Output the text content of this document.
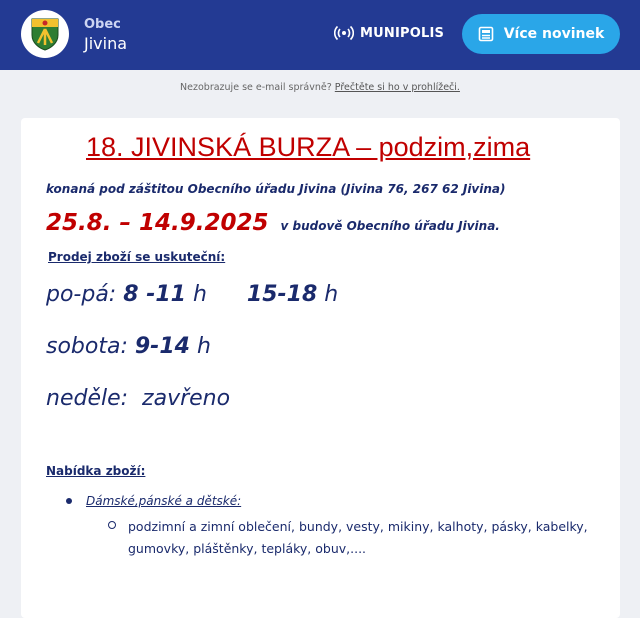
Obec
Jivina
MUNIPOLIS	Více novinek
Nezobrazuje se e-mail správně? Přečtěte si ho v prohlížeči.
18. JIVINSKÁ BURZA – podzim,zima
konaná pod záštitou Obecního úřadu Jivina (Jivina 76, 267 62 Jivina)
25.8. – 14.9.2025 v budově Obecního úřadu Jivina.
Prodej zboží se uskuteční:
po-pá: 8 -11 h 15-18 h
sobota: 9-14 h
neděle: zavřeno
Nabídka zboží:
Dámské,pánské a dětské:
podzimní a zimní oblečení, bundy, vesty, mikiny, kalhoty, pásky, kabelky, gumovky, pláštěnky, tepláky, obuv,....
